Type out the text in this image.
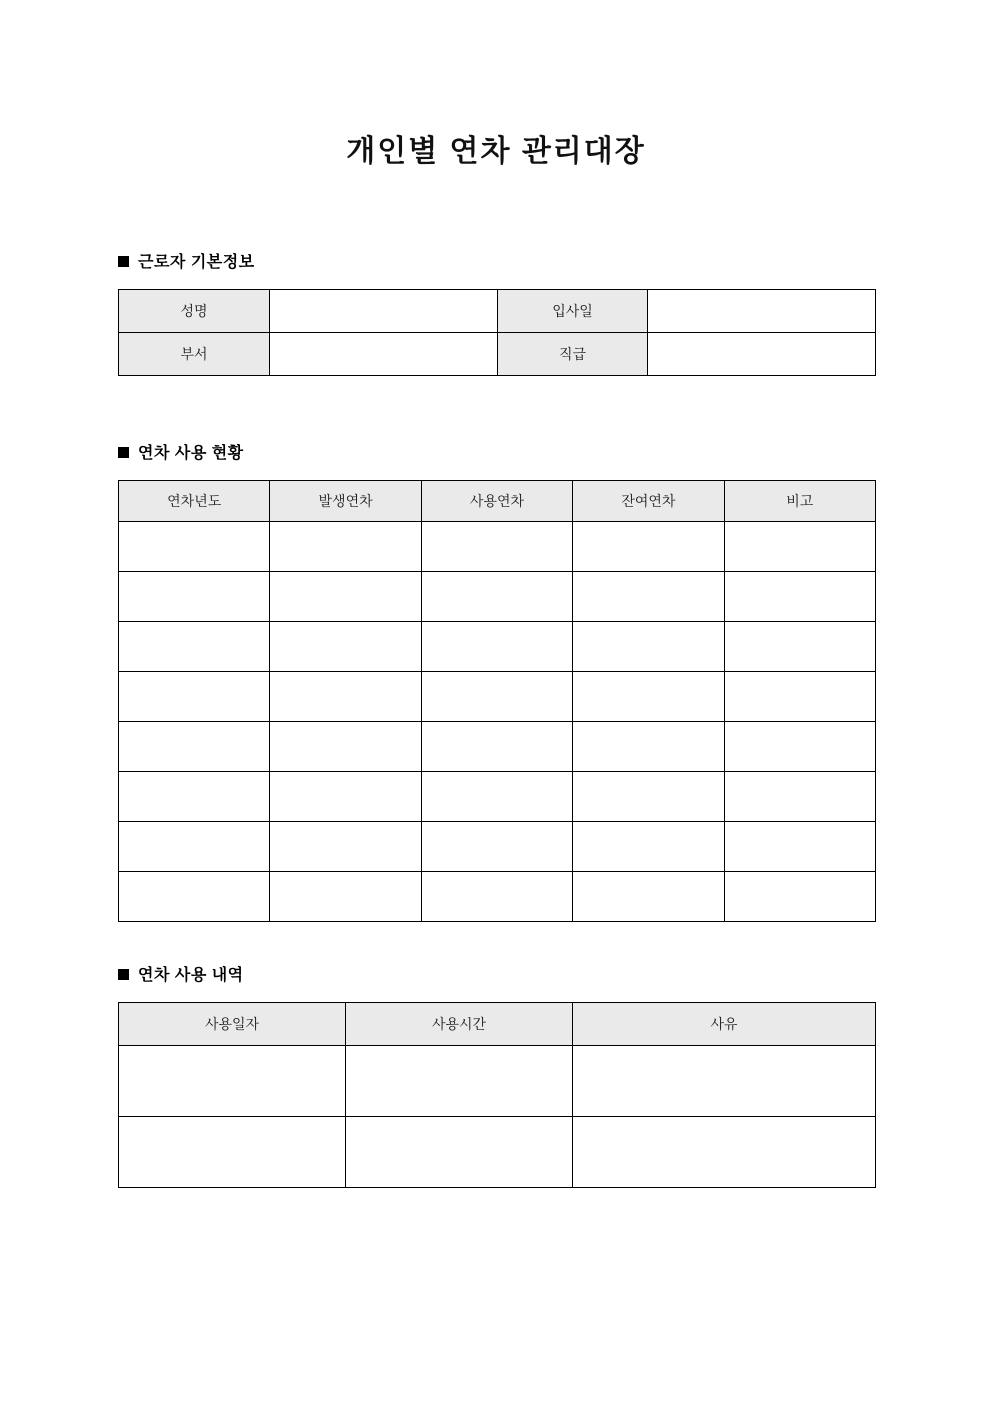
개인별 연차 관리대장
근로자 기본정보
성명		입사일	
부서		직급	
연차 사용 현황
연차년도	발생연차	사용연차	잔여연차	비고

연차 사용 내역
사용일자	사용시간	사유
